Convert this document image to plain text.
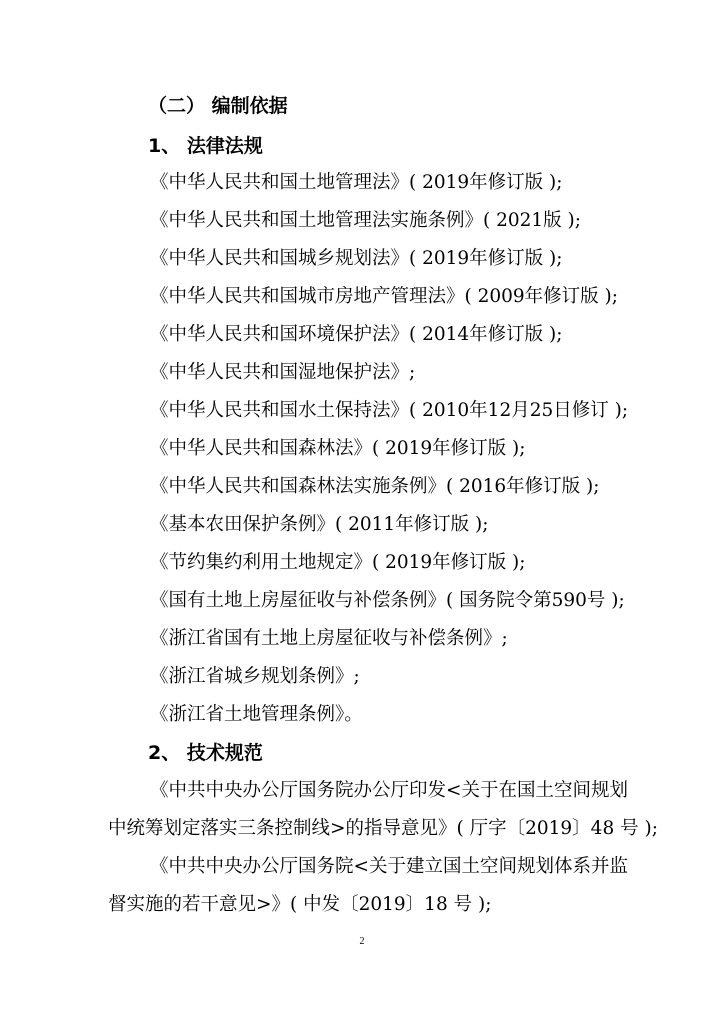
（二） 编制依据
1、 法律法规
《中华人民共和国土地管理法》( 2019年修订版 );
《中华人民共和国土地管理法实施条例》( 2021版 );
《中华人民共和国城乡规划法》( 2019年修订版 );
《中华人民共和国城市房地产管理法》( 2009年修订版 );
《中华人民共和国环境保护法》( 2014年修订版 );
《中华人民共和国湿地保护法》;
《中华人民共和国水土保持法》( 2010年12月25日修订 );
《中华人民共和国森林法》( 2019年修订版 );
《中华人民共和国森林法实施条例》( 2016年修订版 );
《基本农田保护条例》( 2011年修订版 );
《节约集约利用土地规定》( 2019年修订版 );
《国有土地上房屋征收与补偿条例》( 国务院令第590号 );
《浙江省国有土地上房屋征收与补偿条例》;
《浙江省城乡规划条例》;
《浙江省土地管理条例》。
2、 技术规范
《中共中央办公厅国务院办公厅印发<关于在国土空间规划
中统筹划定落实三条控制线>的指导意见》( 厅字〔2019〕48 号 );
《中共中央办公厅国务院<关于建立国土空间规划体系并监
督实施的若干意见>》( 中发〔2019〕18 号 );
2
